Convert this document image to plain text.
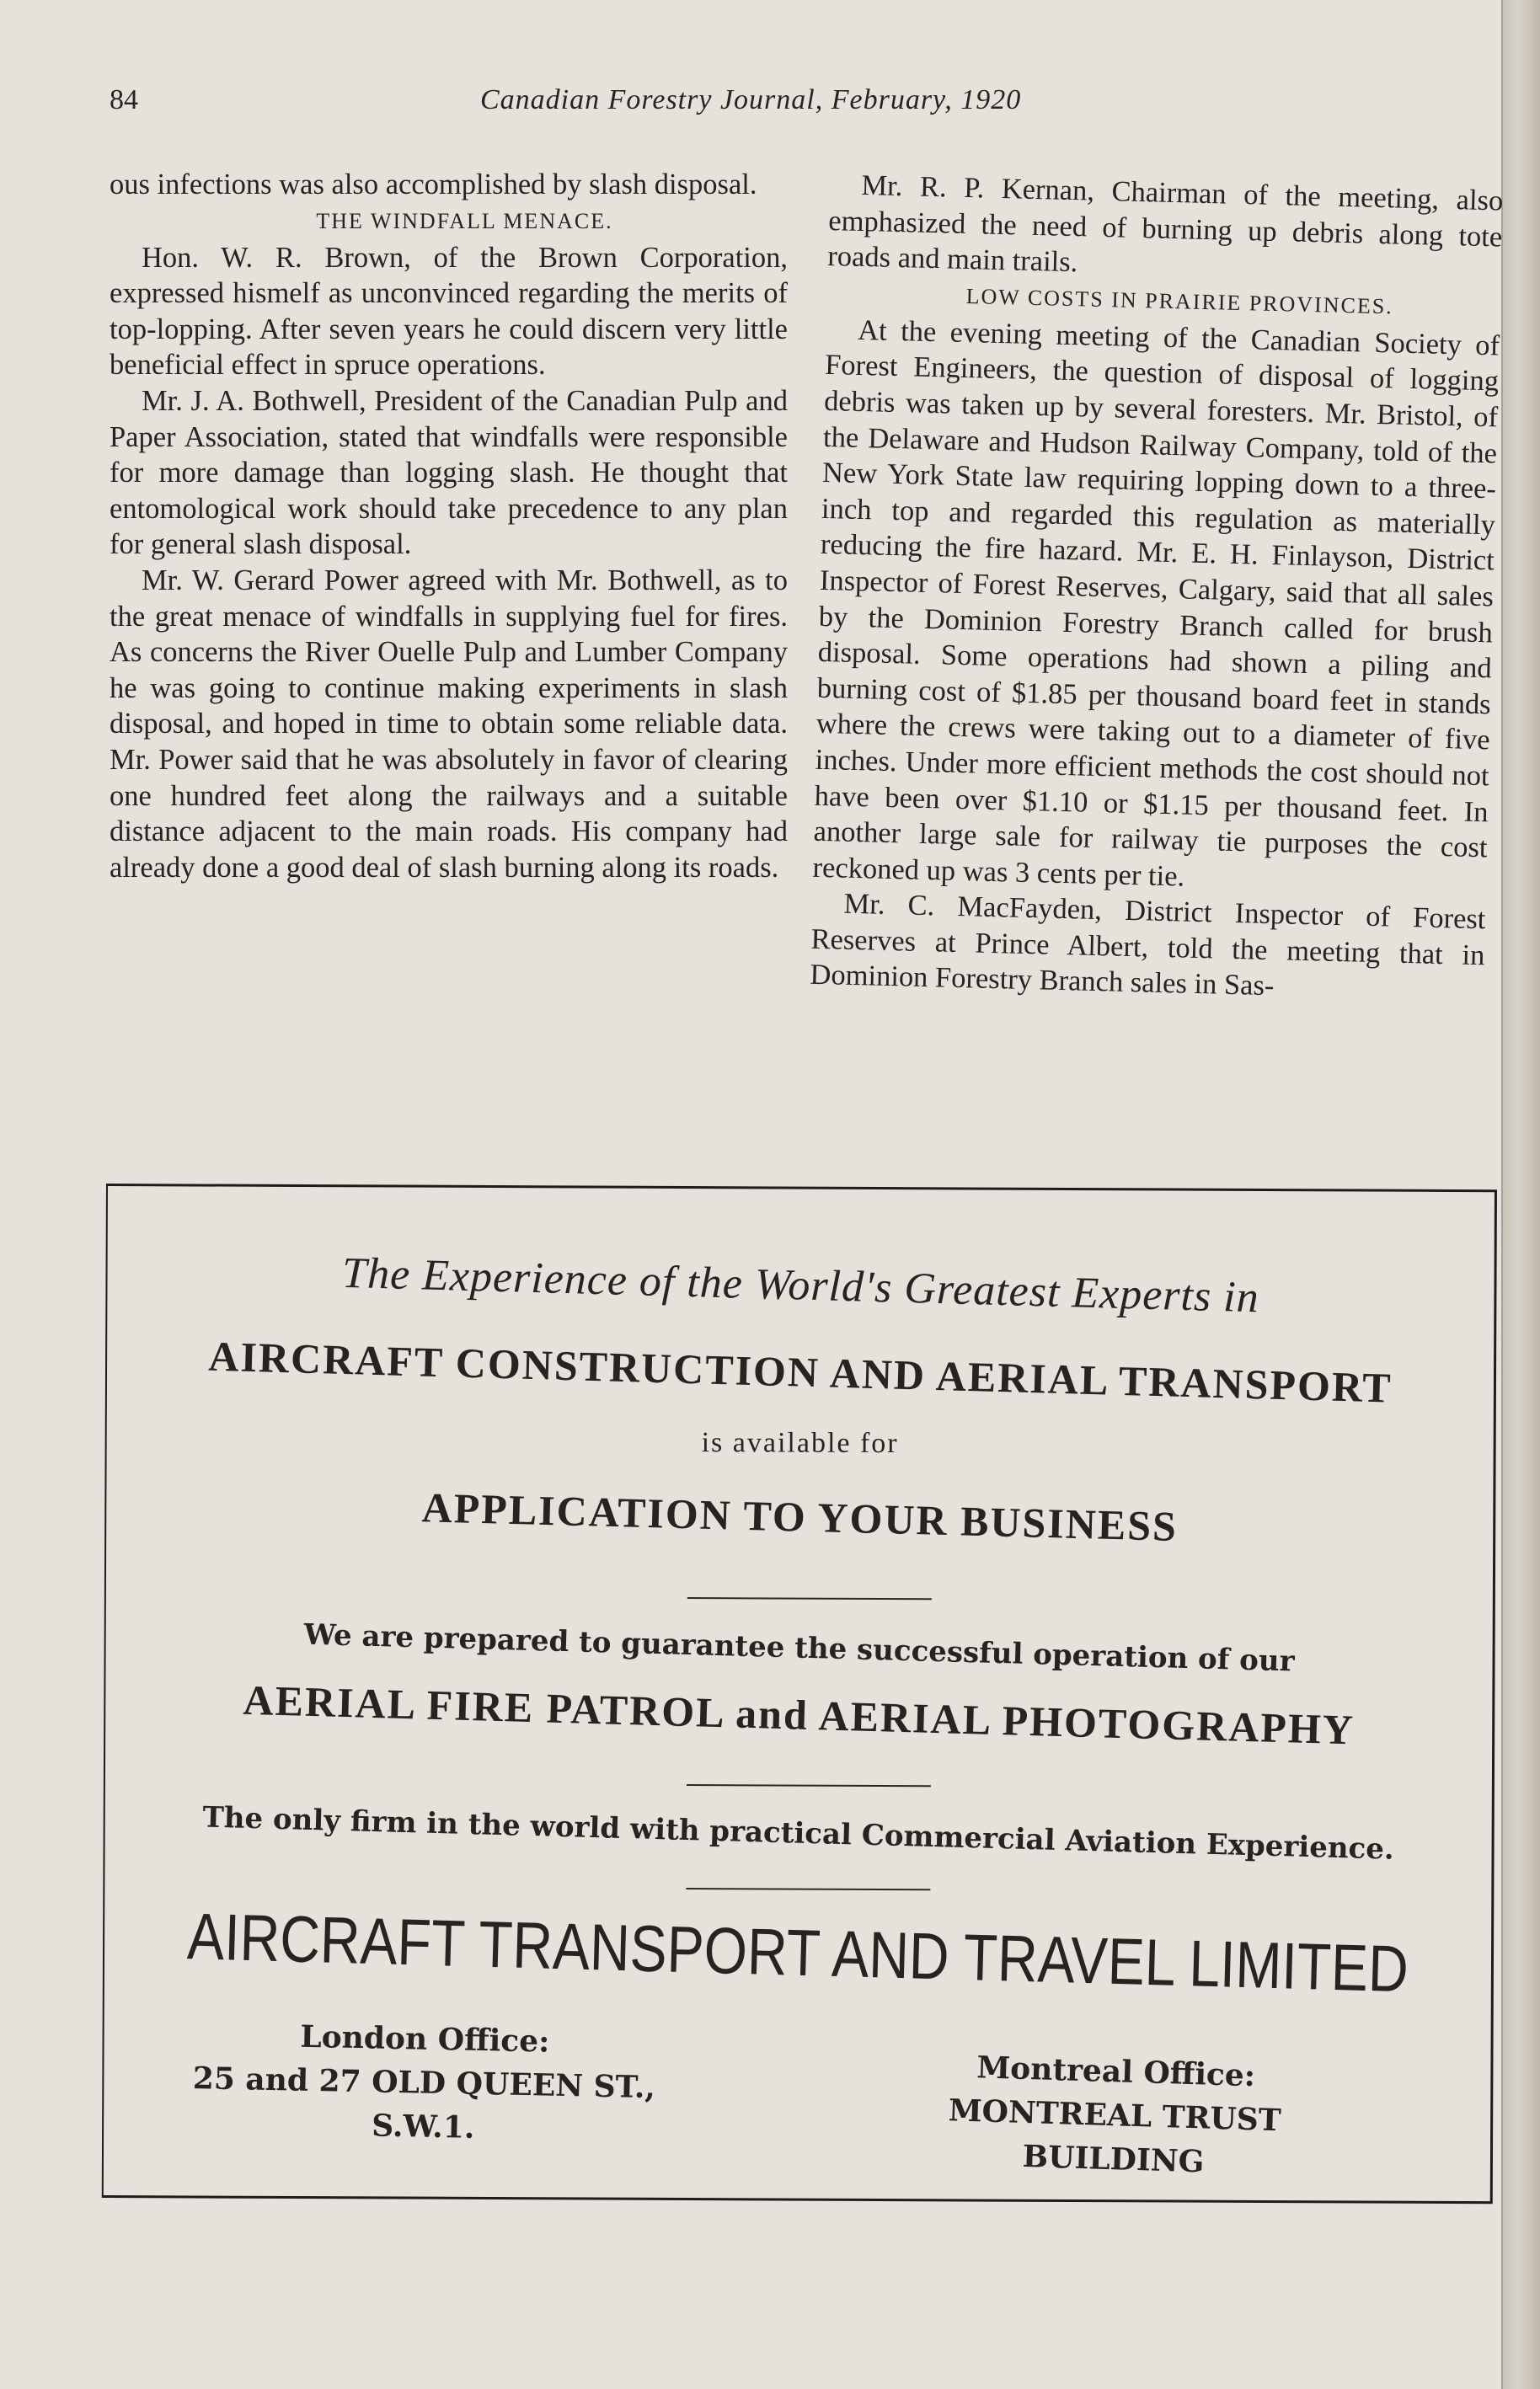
84	Canadian Forestry Journal, February, 1920

ous infections was also accomplished by slash disposal.

THE WINDFALL MENACE.

Hon. W. R. Brown, of the Brown Corporation, expressed hismelf as unconvinced regarding the merits of top-lopping. After seven years he could discern very little beneficial effect in spruce operations.

Mr. J. A. Bothwell, President of the Canadian Pulp and Paper Association, stated that windfalls were responsible for more damage than logging slash. He thought that entomological work should take precedence to any plan for general slash disposal.

Mr. W. Gerard Power agreed with Mr. Bothwell, as to the great menace of windfalls in supplying fuel for fires. As concerns the River Ouelle Pulp and Lumber Company he was going to continue making experiments in slash disposal, and hoped in time to obtain some reliable data. Mr. Power said that he was absolutely in favor of clearing one hundred feet along the railways and a suitable distance adjacent to the main roads. His company had already done a good deal of slash burning along its roads.

Mr. R. P. Kernan, Chairman of the meeting, also emphasized the need of burning up debris along tote roads and main trails.

LOW COSTS IN PRAIRIE PROVINCES.

At the evening meeting of the Canadian Society of Forest Engineers, the question of disposal of logging debris was taken up by several foresters. Mr. Bristol, of the Delaware and Hudson Railway Company, told of the New York State law requiring lopping down to a three-inch top and regarded this regulation as materially reducing the fire hazard. Mr. E. H. Finlayson, District Inspector of Forest Reserves, Calgary, said that all sales by the Dominion Forestry Branch called for brush disposal. Some operations had shown a piling and burning cost of $1.85 per thousand board feet in stands where the crews were taking out to a diameter of five inches. Under more efficient methods the cost should not have been over $1.10 or $1.15 per thousand feet. In another large sale for railway tie purposes the cost reckoned up was 3 cents per tie.

Mr. C. MacFayden, District Inspector of Forest Reserves at Prince Albert, told the meeting that in Dominion Forestry Branch sales in Sas-

The Experience of the World's Greatest Experts in
AIRCRAFT CONSTRUCTION AND AERIAL TRANSPORT
is available for
APPLICATION TO YOUR BUSINESS
We are prepared to guarantee the successful operation of our
AERIAL FIRE PATROL and AERIAL PHOTOGRAPHY
The only firm in the world with practical Commercial Aviation Experience.
AIRCRAFT TRANSPORT AND TRAVEL LIMITED
London Office:
25 and 27 OLD QUEEN ST., S.W.1.
Montreal Office:
MONTREAL TRUST BUILDING
